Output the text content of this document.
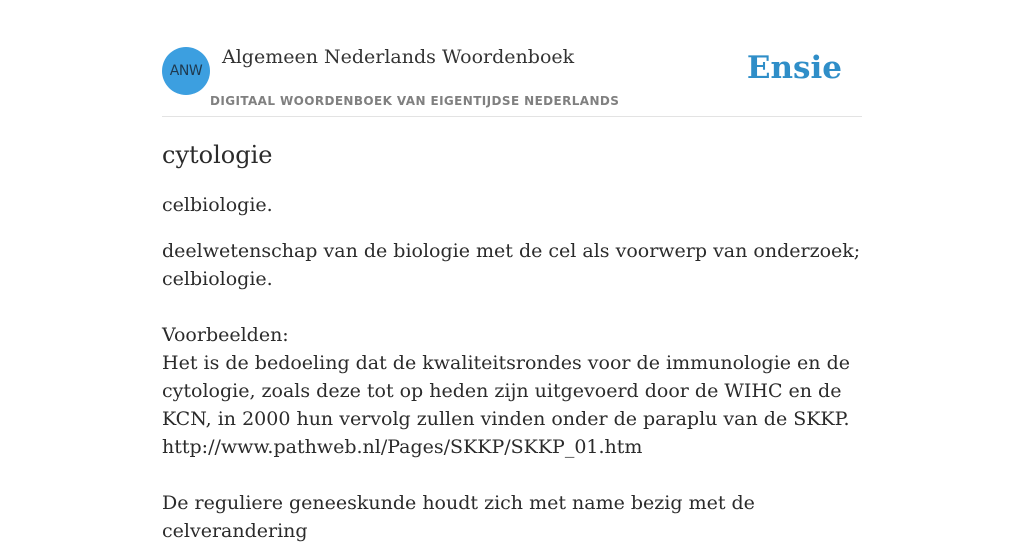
ANW
Algemeen Nederlands Woordenboek
DIGITAAL WOORDENBOEK VAN EIGENTIJDSE NEDERLANDS
Ensie
cytologie

celbiologie.

deelwetenschap van de biologie met de cel als voorwerp van onderzoek; celbiologie.

Voorbeelden:

Het is de bedoeling dat de kwaliteitsrondes voor de immunologie en de cytologie, zoals deze tot op heden zijn uitgevoerd door de WIHC en de KCN, in 2000 hun vervolg zullen vinden onder de paraplu van de SKKP.
http://www.pathweb.nl/Pages/SKKP/SKKP_01.htm

De reguliere geneeskunde houdt zich met name bezig met de celverandering
